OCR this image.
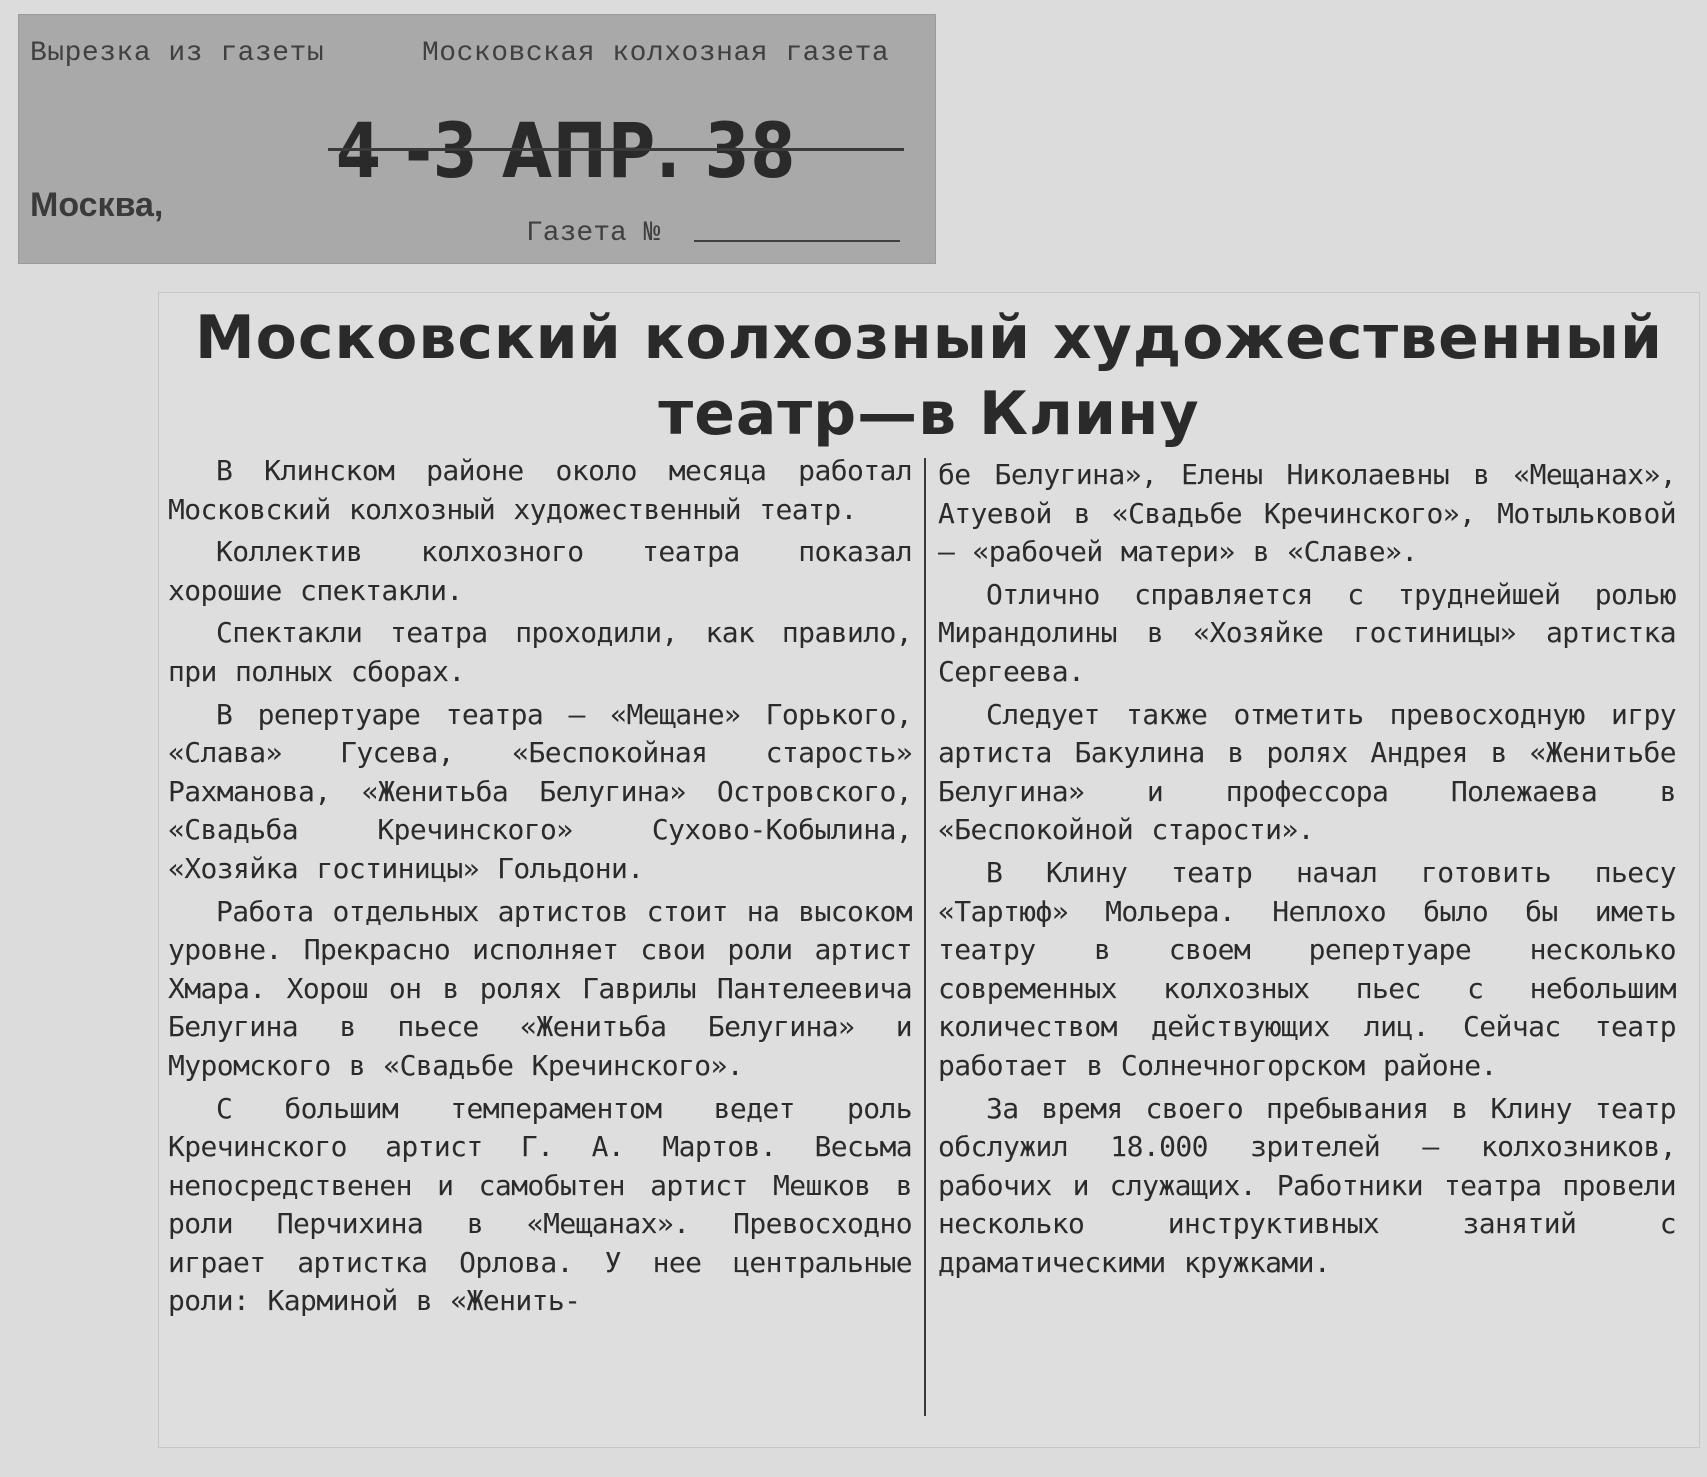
Вырезка из газеты	Московская колхозная газета
Москва,
4 -3 АПР. 38
Газета №
Московский колхозный художественный
театр—в Клину

В Клинском районе около месяца работал Московский колхозный художественный театр.

Коллектив колхозного театра показал хорошие спектакли.

Спектакли театра проходили, как правило, при полных сборах.

В репертуаре театра — «Мещане» Горького, «Слава» Гусева, «Беспокойная старость» Рахманова, «Женитьба Белугина» Островского, «Свадьба Кречинского» Сухово-Кобылина, «Хозяйка гостиницы» Гольдони.

Работа отдельных артистов стоит на высоком уровне. Прекрасно исполняет свои роли артист Хмара. Хорош он в ролях Гаврилы Пантелеевича Белугина в пьесе «Женитьба Белугина» и Муромского в «Свадьбе Кречинского».

С большим темпераментом ведет роль Кречинского артист Г. А. Мартов. Весьма непосредственен и самобытен артист Мешков в роли Перчихина в «Мещанах». Превосходно играет артистка Орлова. У нее центральные роли: Карминой в «Женить-

бе Белугина», Елены Николаевны в «Мещанах», Атуевой в «Свадьбе Кречинского», Мотыльковой — «рабочей матери» в «Славе».

Отлично справляется с труднейшей ролью Мирандолины в «Хозяйке гостиницы» артистка Сергеева.

Следует также отметить превосходную игру артиста Бакулина в ролях Андрея в «Женитьбе Белугина» и профессора Полежаева в «Беспокойной старости».

В Клину театр начал готовить пьесу «Тартюф» Мольера. Неплохо было бы иметь театру в своем репертуаре несколько современных колхозных пьес с небольшим количеством действующих лиц. Сейчас театр работает в Солнечногорском районе.

За время своего пребывания в Клину театр обслужил 18.000 зрителей — колхозников, рабочих и служащих. Работники театра провели несколько инструктивных занятий с драматическими кружками.
